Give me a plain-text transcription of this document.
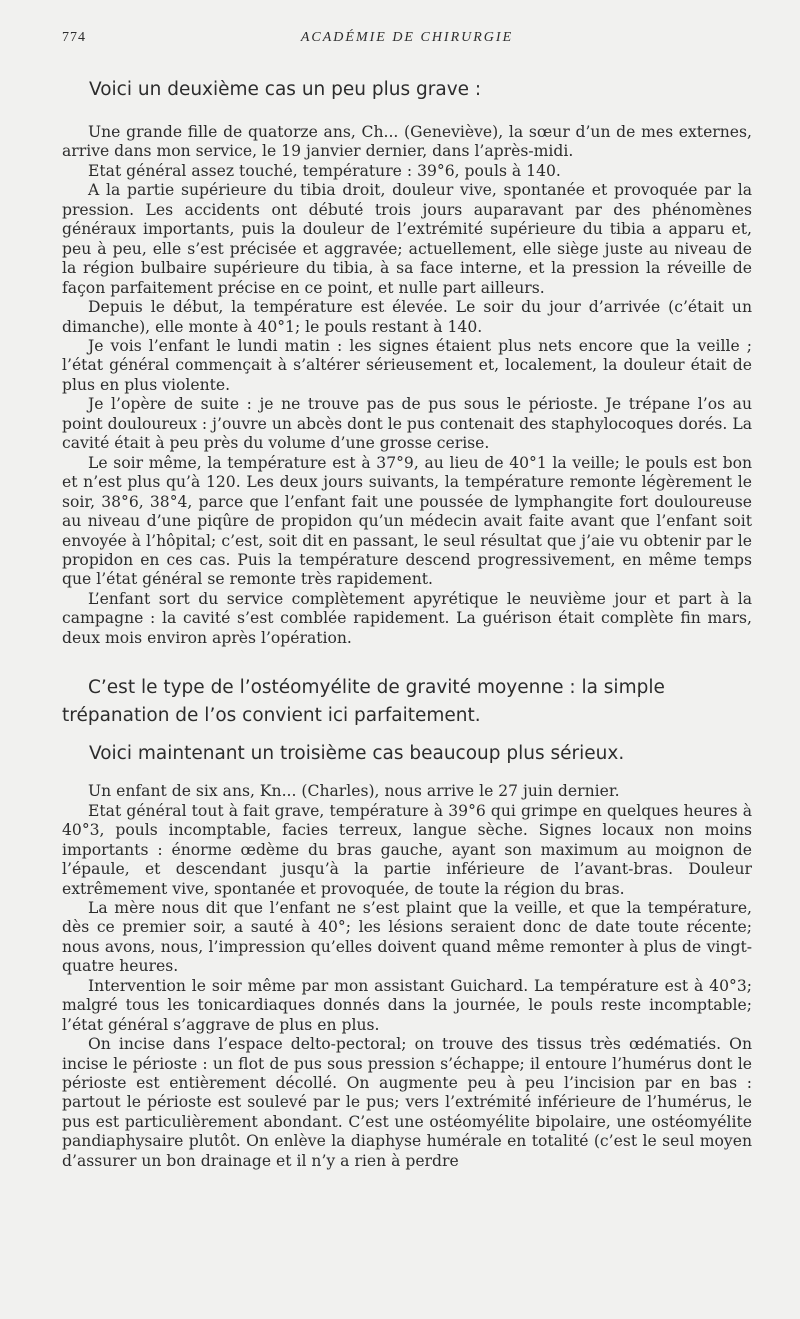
774	ACADÉMIE DE CHIRURGIE

Voici un deuxième cas un peu plus grave :

Une grande fille de quatorze ans, Ch... (Geneviève), la sœur d’un de mes externes, arrive dans mon service, le 19 janvier dernier, dans l’après-midi.

Etat général assez touché, température : 39°6, pouls à 140.

A la partie supérieure du tibia droit, douleur vive, spontanée et provoquée par la pression. Les accidents ont débuté trois jours auparavant par des phénomènes généraux importants, puis la douleur de l’extrémité supérieure du tibia a apparu et, peu à peu, elle s’est précisée et aggravée; actuellement, elle siège juste au niveau de la région bulbaire supérieure du tibia, à sa face interne, et la pression la réveille de façon parfaitement précise en ce point, et nulle part ailleurs.

Depuis le début, la température est élevée. Le soir du jour d’arrivée (c’était un dimanche), elle monte à 40°1; le pouls restant à 140.

Je vois l’enfant le lundi matin : les signes étaient plus nets encore que la veille ; l’état général commençait à s’altérer sérieusement et, localement, la douleur était de plus en plus violente.

Je l’opère de suite : je ne trouve pas de pus sous le périoste. Je trépane l’os au point douloureux : j’ouvre un abcès dont le pus contenait des staphylocoques dorés. La cavité était à peu près du volume d’une grosse cerise.

Le soir même, la température est à 37°9, au lieu de 40°1 la veille; le pouls est bon et n’est plus qu’à 120. Les deux jours suivants, la température remonte légèrement le soir, 38°6, 38°4, parce que l’enfant fait une poussée de lymphangite fort douloureuse au niveau d’une piqûre de propidon qu’un médecin avait faite avant que l’enfant soit envoyée à l’hôpital; c’est, soit dit en passant, le seul résultat que j’aie vu obtenir par le propidon en ces cas. Puis la température descend progressivement, en même temps que l’état général se remonte très rapidement.

L’enfant sort du service complètement apyrétique le neuvième jour et part à la campagne : la cavité s’est comblée rapidement. La guérison était complète fin mars, deux mois environ après l’opération.

C’est le type de l’ostéomyélite de gravité moyenne : la simple trépanation de l’os convient ici parfaitement.

Voici maintenant un troisième cas beaucoup plus sérieux.

Un enfant de six ans, Kn... (Charles), nous arrive le 27 juin dernier.

Etat général tout à fait grave, température à 39°6 qui grimpe en quelques heures à 40°3, pouls incomptable, facies terreux, langue sèche. Signes locaux non moins importants : énorme œdème du bras gauche, ayant son maximum au moignon de l’épaule, et descendant jusqu’à la partie inférieure de l’avant-bras. Douleur extrêmement vive, spontanée et provoquée, de toute la région du bras.

La mère nous dit que l’enfant ne s’est plaint que la veille, et que la température, dès ce premier soir, a sauté à 40°; les lésions seraient donc de date toute récente; nous avons, nous, l’impression qu’elles doivent quand même remonter à plus de vingt-quatre heures.

Intervention le soir même par mon assistant Guichard. La température est à 40°3; malgré tous les tonicardiaques donnés dans la journée, le pouls reste incomptable; l’état général s’aggrave de plus en plus.

On incise dans l’espace delto-pectoral; on trouve des tissus très œdématiés. On incise le périoste : un flot de pus sous pression s’échappe; il entoure l’humérus dont le périoste est entièrement décollé. On augmente peu à peu l’incision par en bas : partout le périoste est soulevé par le pus; vers l’extrémité inférieure de l’humérus, le pus est particulièrement abondant. C’est une ostéomyélite bipolaire, une ostéomyélite pandiaphysaire plutôt. On enlève la diaphyse humérale en totalité (c’est le seul moyen d’assurer un bon drainage et il n’y a rien à perdre
